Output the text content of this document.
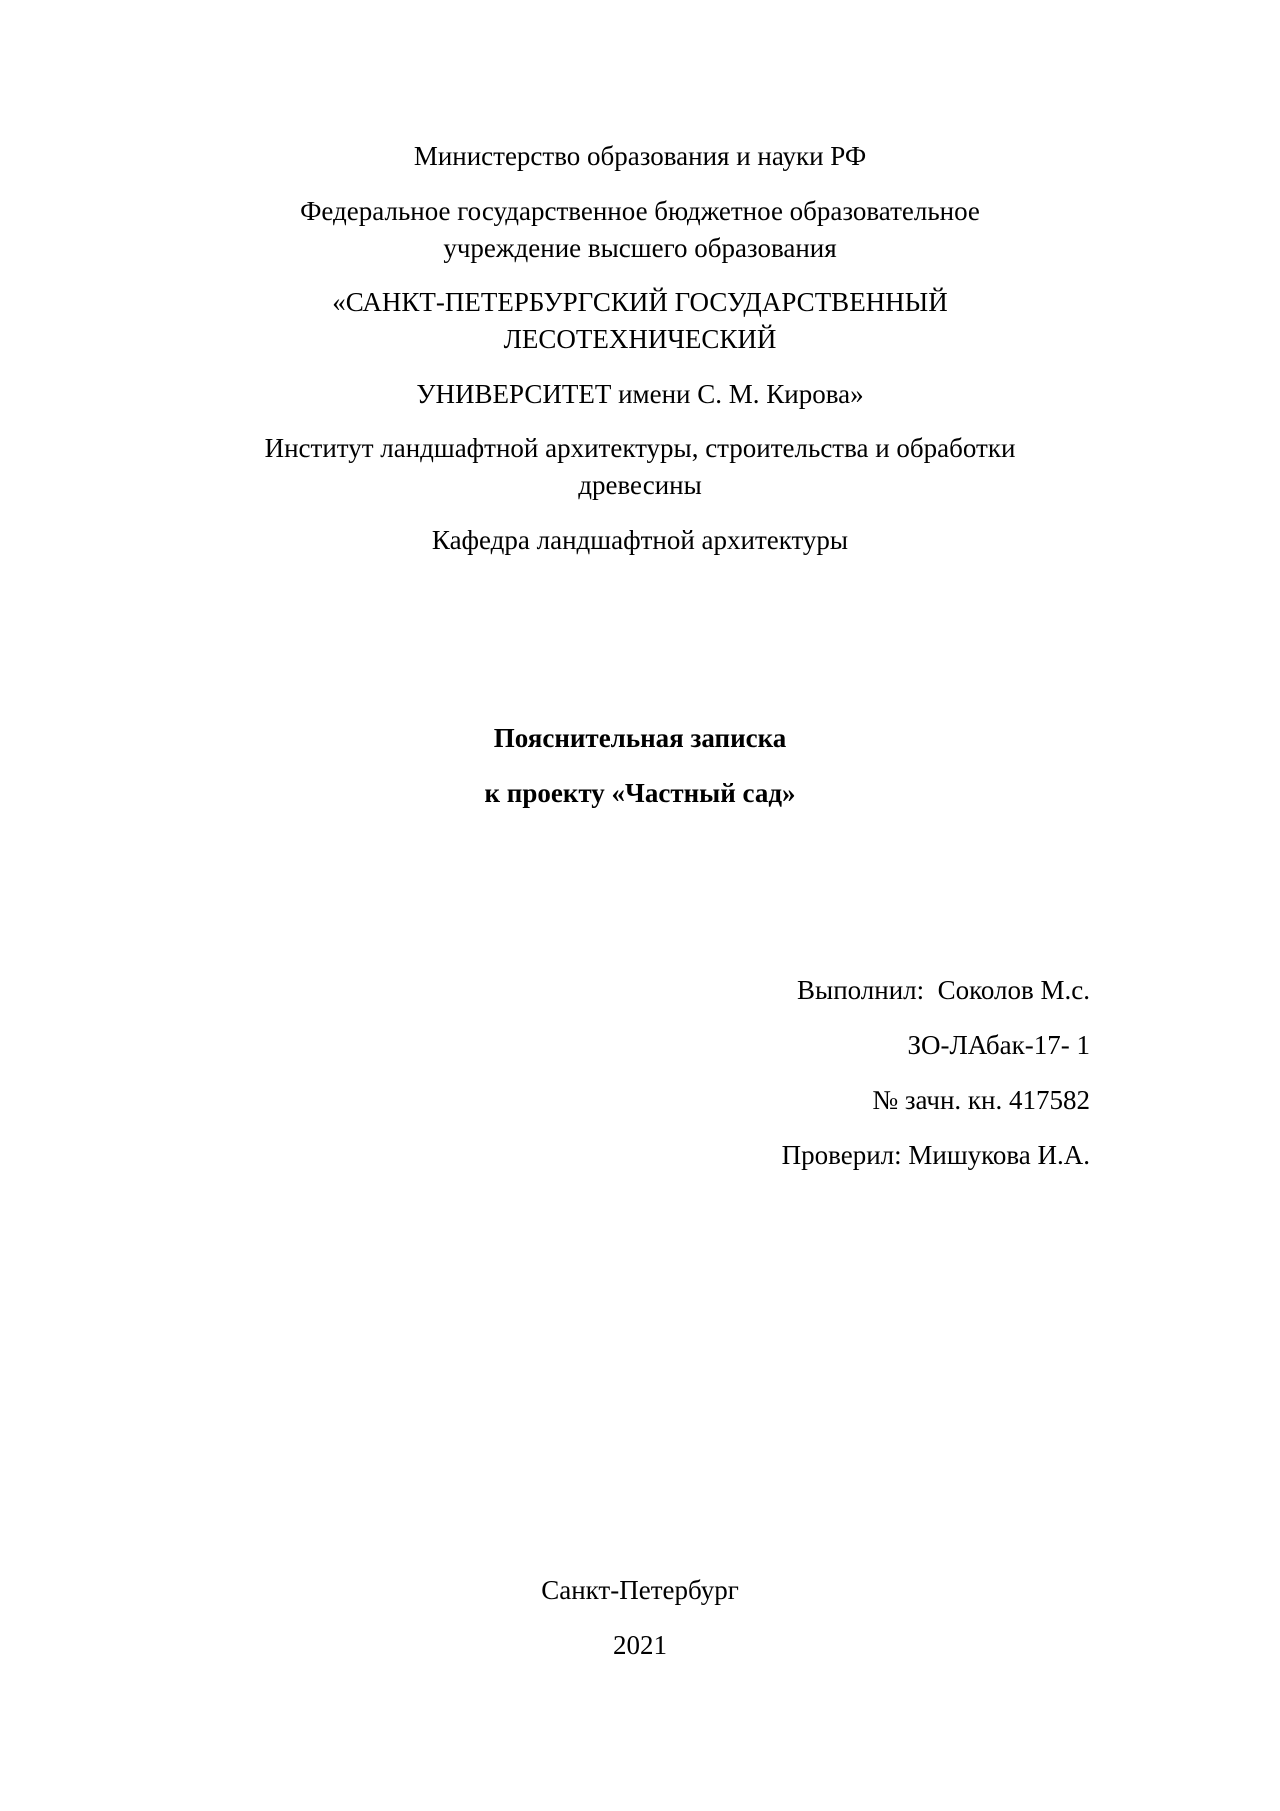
Министерство образования и науки РФ
Федеральное государственное бюджетное образовательное
учреждение высшего образования
«САНКТ-ПЕТЕРБУРГСКИЙ ГОСУДАРСТВЕННЫЙ
ЛЕСОТЕХНИЧЕСКИЙ
УНИВЕРСИТЕТ имени С. М. Кирова»
Институт ландшафтной архитектуры, строительства и обработки
древесины
Кафедра ландшафтной архитектуры
Пояснительная записка
к проекту «Частный сад»
Выполнил:  Соколов М.с.
ЗО-ЛАбак-17- 1
№ зачн. кн. 417582
Проверил: Мишукова И.А.
Санкт-Петербург
2021
